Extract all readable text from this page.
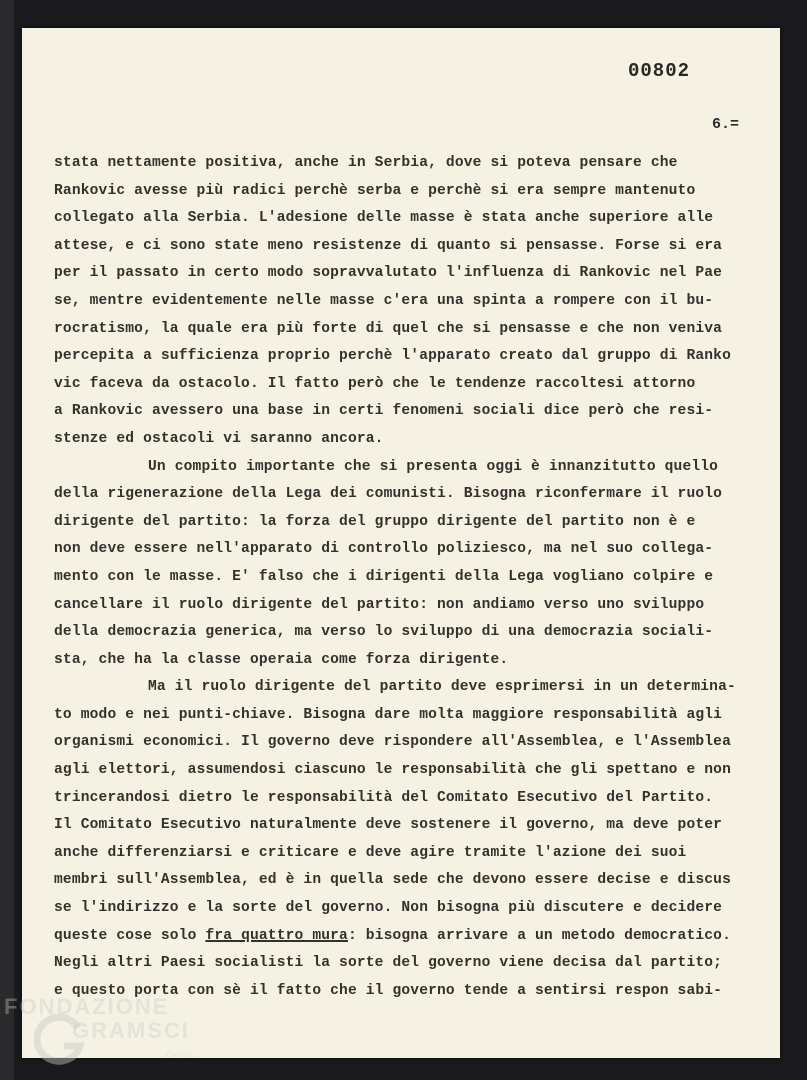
00802
6.=
stata nettamente positiva, anche in Serbia, dove si poteva pensare che
Rankovic avesse più radici perchè serba e perchè si era sempre mantenuto
collegato alla Serbia. L'adesione delle masse è stata anche superiore alle
attese, e ci sono state meno resistenze di quanto si pensasse. Forse si era
per il passato in certo modo sopravvalutato l'influenza di Rankovic nel Pae
se, mentre evidentemente nelle masse c'era una spinta a rompere con il bu-
rocratismo, la quale era più forte di quel che si pensasse e che non veniva
percepita a sufficienza proprio perchè l'apparato creato dal gruppo di Ranko
vic faceva da ostacolo. Il fatto però che le tendenze raccoltesi attorno
a Rankovic avessero una base in certi fenomeni sociali dice però che resi-
stenze ed ostacoli vi saranno ancora.
Un compito importante che si presenta oggi è innanzitutto quello
della rigenerazione della Lega dei comunisti. Bisogna riconfermare il ruolo
dirigente del partito: la forza del gruppo dirigente del partito non è e
non deve essere nell'apparato di controllo poliziesco, ma nel suo collega-
mento con le masse. E' falso che i dirigenti della Lega vogliano colpire e
cancellare il ruolo dirigente del partito: non andiamo verso uno sviluppo
della democrazia generica, ma verso lo sviluppo di una democrazia sociali-
sta, che ha la classe operaia come forza dirigente.
Ma il ruolo dirigente del partito deve esprimersi in un determina-
to modo e nei punti-chiave. Bisogna dare molta maggiore responsabilità agli
organismi economici. Il governo deve rispondere all'Assemblea, e l'Assemblea
agli elettori, assumendosi ciascuno le responsabilità che gli spettano e non
trincerandosi dietro le responsabilità del Comitato Esecutivo del Partito.
Il Comitato Esecutivo naturalmente deve sostenere il governo, ma deve poter
anche differenziarsi e criticare e deve agire tramite l'azione dei suoi
membri sull'Assemblea, ed è in quella sede che devono essere decise e discus
se l'indirizzo e la sorte del governo. Non bisogna più discutere e decidere
queste cose solo fra quattro mura: bisogna arrivare a un metodo democratico.
Negli altri Paesi socialisti la sorte del governo viene decisa dal partito;
e questo porta con sè il fatto che il governo tende a sentirsi respon sabi-
FONDAZIONE
GRAMSCI
Onlus
